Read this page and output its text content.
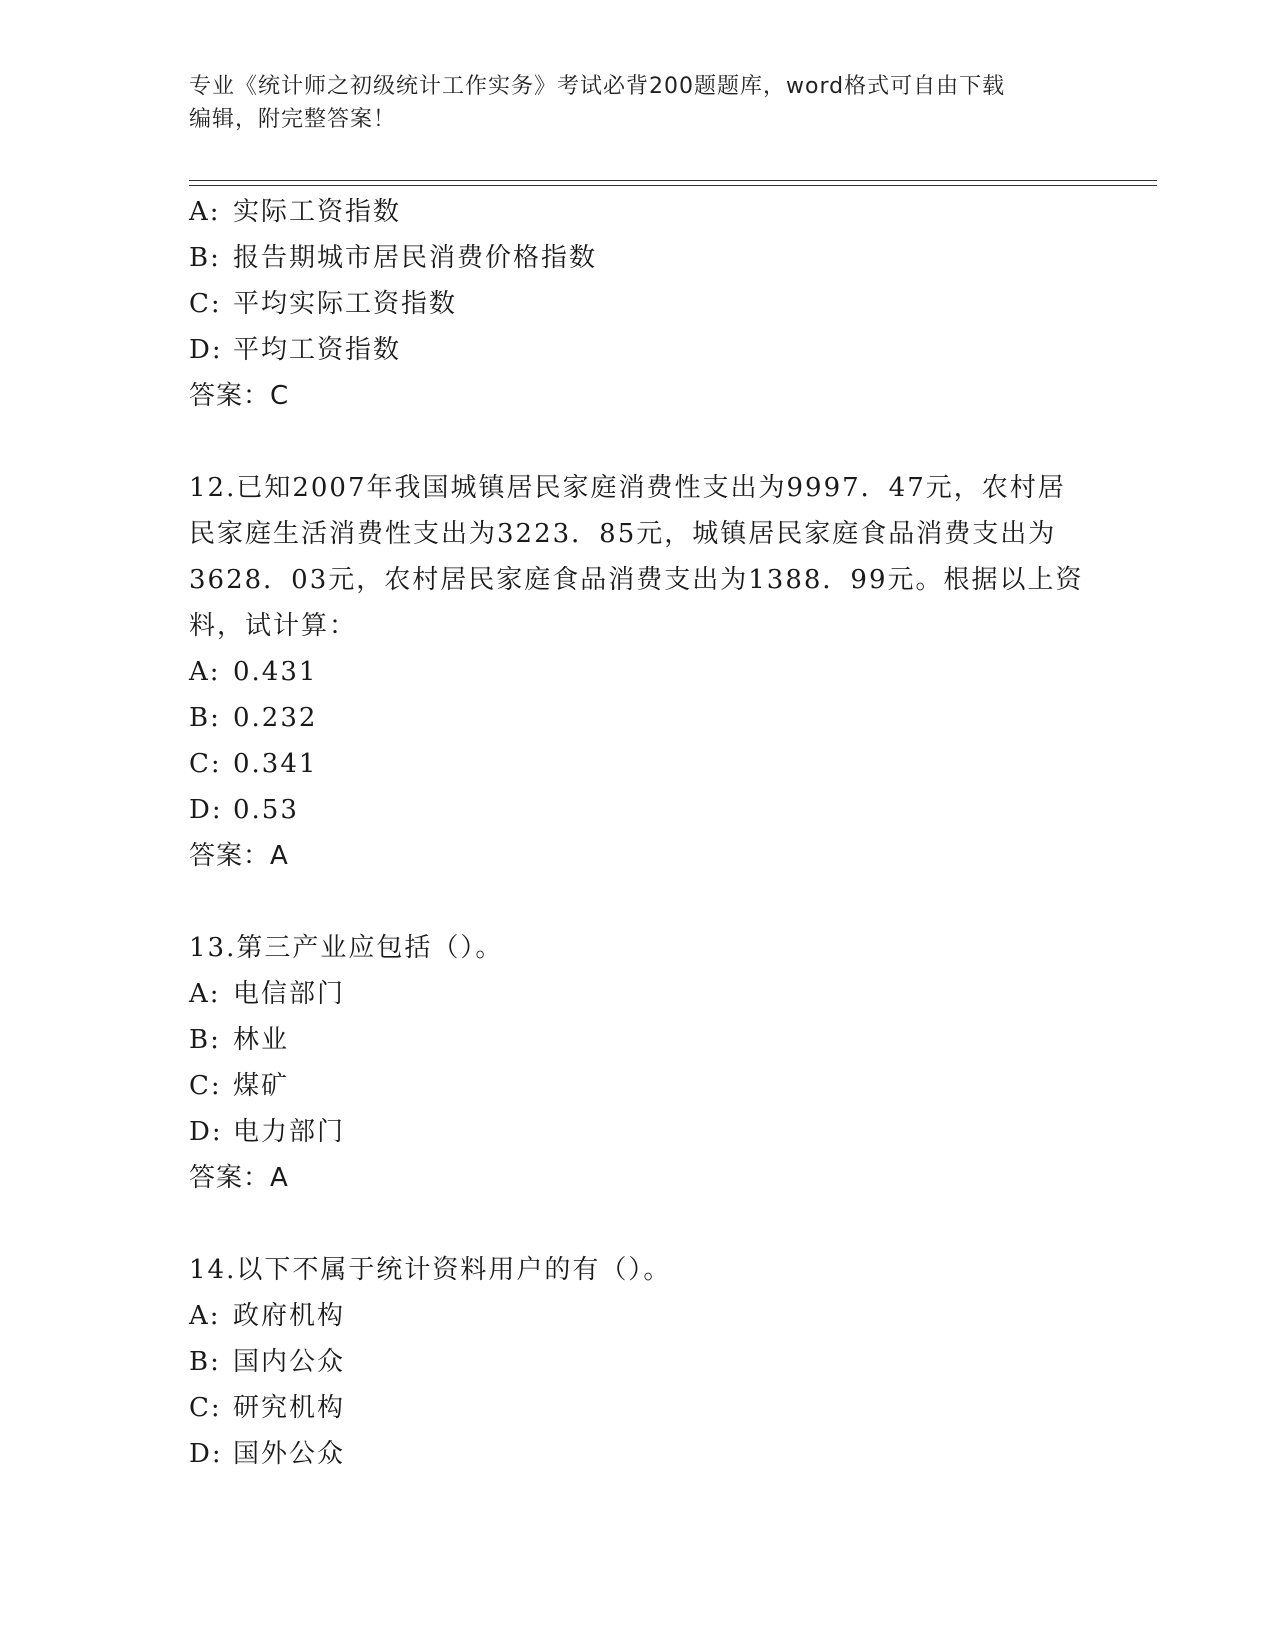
专业《统计师之初级统计工作实务》考试必背200题题库，word格式可自由下载
编辑，附完整答案！
A: 实际工资指数
B: 报告期城市居民消费价格指数
C: 平均实际工资指数
D: 平均工资指数
答案：C
12.已知2007年我国城镇居民家庭消费性支出为9997．47元，农村居
民家庭生活消费性支出为3223．85元，城镇居民家庭食品消费支出为
3628．03元，农村居民家庭食品消费支出为1388．99元。根据以上资
料，试计算：
A: 0.431
B: 0.232
C: 0.341
D: 0.53
答案：A
13.第三产业应包括（）。
A: 电信部门
B: 林业
C: 煤矿
D: 电力部门
答案：A
14.以下不属于统计资料用户的有（）。
A: 政府机构
B: 国内公众
C: 研究机构
D: 国外公众
